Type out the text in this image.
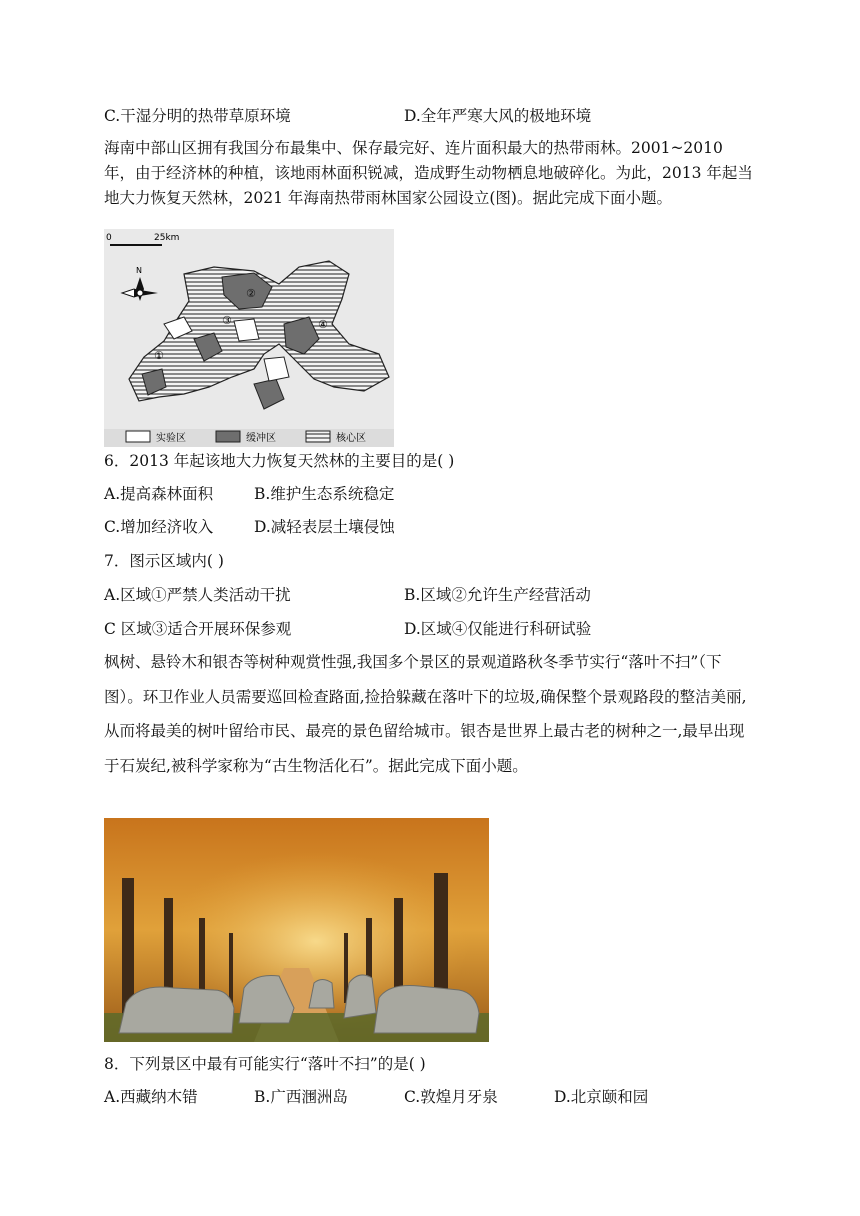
C.干湿分明的热带草原环境	D.全年严寒大风的极地环境
海南中部山区拥有我国分布最集中、保存最完好、连片面积最大的热带雨林。2001~2010 年，由于经济林的种植，该地雨林面积锐减，造成野生动物栖息地破碎化。为此，2013 年起当地大力恢复天然林，2021 年海南热带雨林国家公园设立(图)。据此完成下面小题。
0	25km
N
①
②
③	④
实验区	缓冲区	核心区
6．2013 年起该地大力恢复天然林的主要目的是( )
A.提高森林面积	B.维护生态系统稳定
C.增加经济收入	D.减轻表层土壤侵蚀
7．图示区域内( )
A.区域①严禁人类活动干扰	B.区域②允许生产经营活动
C 区域③适合开展环保参观	D.区域④仅能进行科研试验
枫树、悬铃木和银杏等树种观赏性强,我国多个景区的景观道路秋冬季节实行“落叶不扫”（下图）。环卫作业人员需要巡回检查路面,捡拾躲藏在落叶下的垃圾,确保整个景观路段的整洁美丽,从而将最美的树叶留给市民、最亮的景色留给城市。银杏是世界上最古老的树种之一,最早出现于石炭纪,被科学家称为“古生物活化石”。据此完成下面小题。
8．下列景区中最有可能实行“落叶不扫”的是( )
A.西藏纳木错	B.广西涠洲岛	C.敦煌月牙泉	D.北京颐和园
